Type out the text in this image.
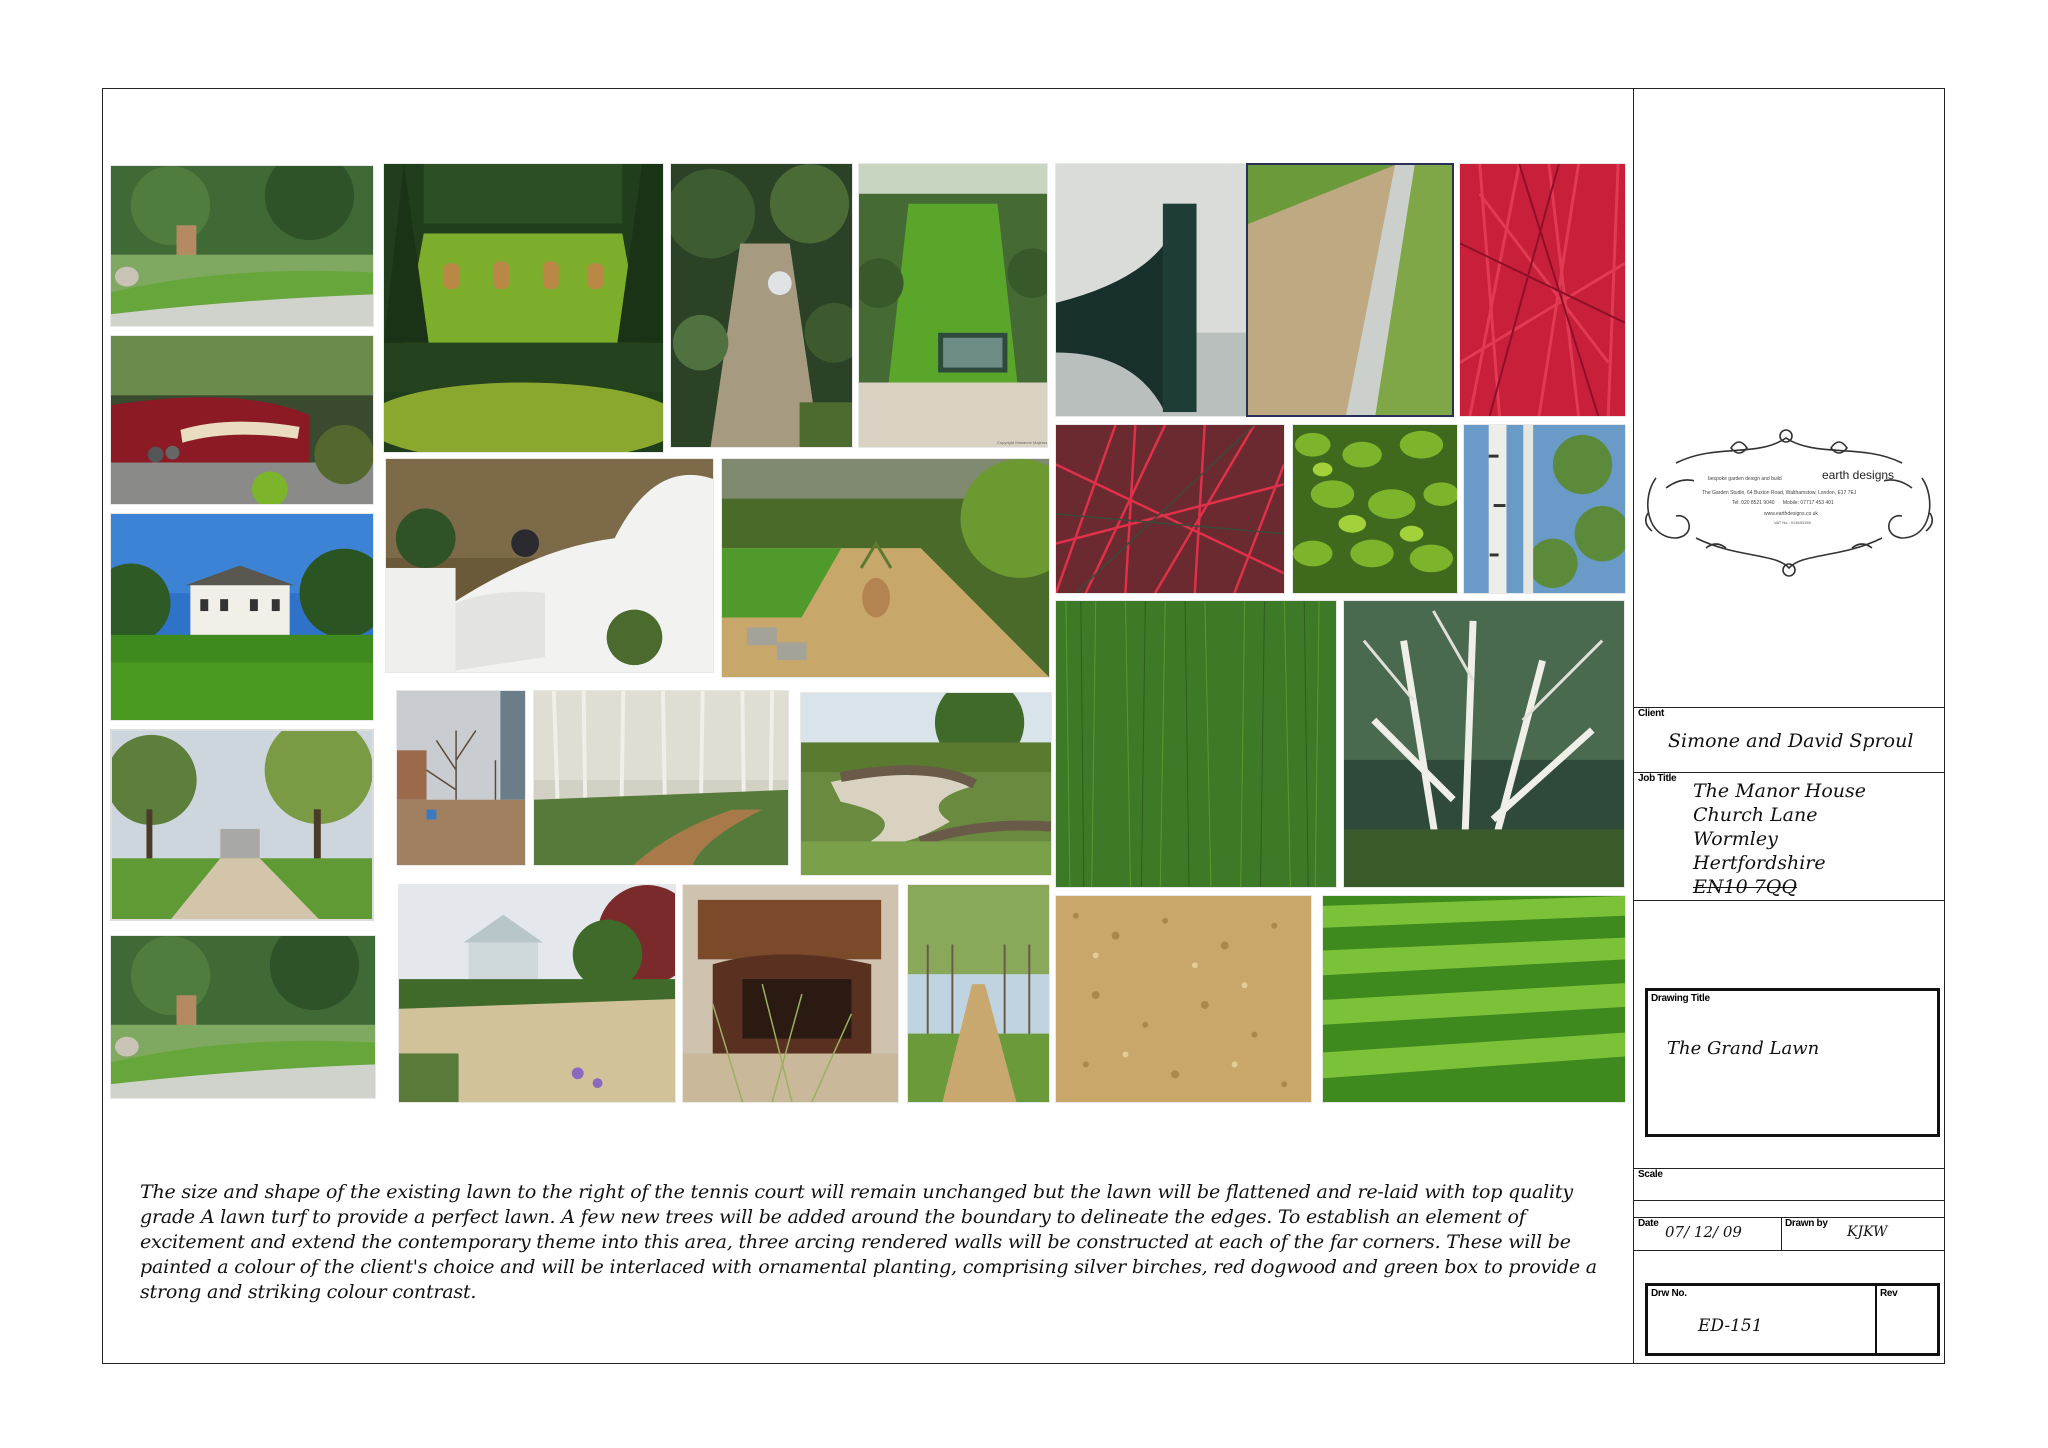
earth designs
bespoke garden design and build
The Garden Studio, 64 Buxton Road, Walthamstow, London, E17 7EJ
Tel: 020 8521 9040      Mobile: 07717 453 401
www.earthdesigns.co.uk
VAT No.: 913693158
Client
Simone and David Sproul
Job Title
The Manor House
Church Lane
Wormley
Hertfordshire
EN10 7QQ
Drawing Title
The Grand Lawn
Scale
Date 07/ 12/ 09	Drawn by
KJKW
Drw No.
ED-151
Rev
The size and shape of the existing lawn to the right of the tennis court will remain unchanged but the lawn will be flattened and re-laid with top quality grade A lawn turf to provide a perfect lawn. A few new trees will be added around the boundary to delineate the edges. To establish an element of excitement and extend the contemporary theme into this area, three arcing rendered walls will be constructed at each of the far corners. These will be painted a colour of the client's choice and will be interlaced with ornamental planting, comprising silver birches, red dogwood and green box to provide a strong and striking colour contrast.
Copyright Marianne Majerus
